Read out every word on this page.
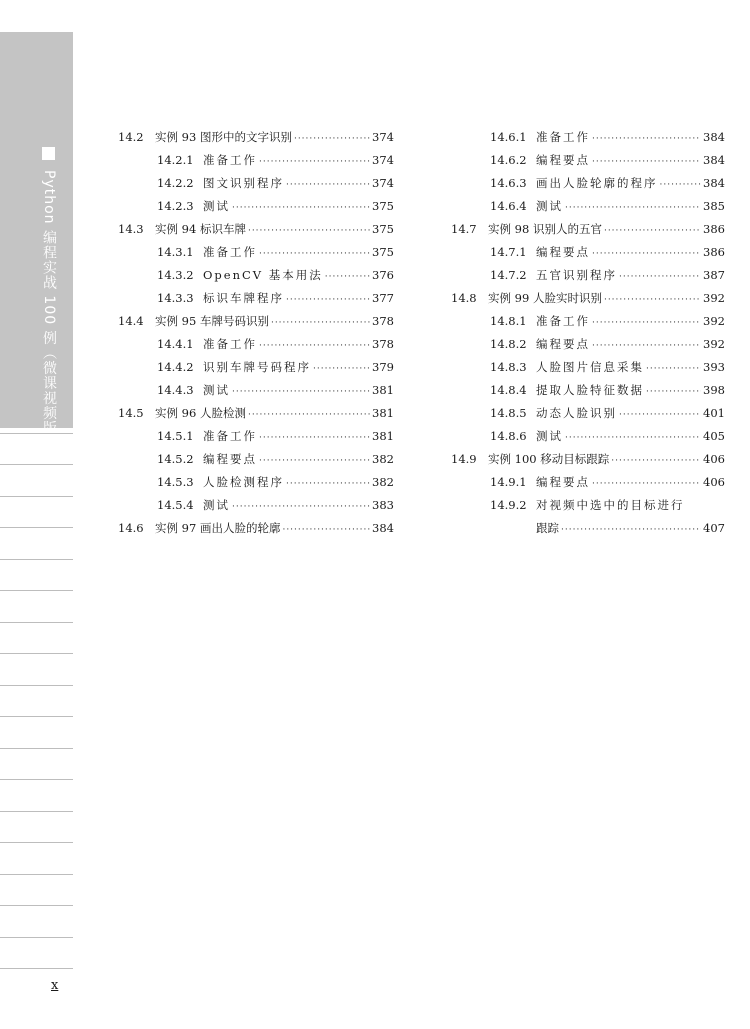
Python 编程实战 100 例（微课视频版）
14.2 实例 93 图形中的文字识别 ·····	374
14.2.1 准备工作 ·····	374
14.2.2 图文识别程序 ·····	374
14.2.3 测试 ·····	375
14.3 实例 94 标识车牌 ·····	375
14.3.1 准备工作 ·····	375
14.3.2 OpenCV 基本用法 ·····	376
14.3.3 标识车牌程序 ·····	377
14.4 实例 95 车牌号码识别 ·····	378
14.4.1 准备工作 ·····	378
14.4.2 识别车牌号码程序 ·····	379
14.4.3 测试 ·····	381
14.5 实例 96 人脸检测 ·····	381
14.5.1 准备工作 ·····	381
14.5.2 编程要点 ·····	382
14.5.3 人脸检测程序 ·····	382
14.5.4 测试 ·····	383
14.6 实例 97 画出人脸的轮廓 ·····	384
14.6.1 准备工作 ·····	384
14.6.2 编程要点 ·····	384
14.6.3 画出人脸轮廓的程序 ·····	384
14.6.4 测试 ·····	385
14.7 实例 98 识别人的五官 ·····	386
14.7.1 编程要点 ·····	386
14.7.2 五官识别程序 ·····	387
14.8 实例 99 人脸实时识别 ·····	392
14.8.1 准备工作 ·····	392
14.8.2 编程要点 ·····	392
14.8.3 人脸图片信息采集 ·····	393
14.8.4 提取人脸特征数据 ·····	398
14.8.5 动态人脸识别 ·····	401
14.8.6 测试 ·····	405
14.9 实例 100 移动目标跟踪 ·····	406
14.9.1 编程要点 ·····	406
14.9.2 对视频中选中的目标进行
跟踪 ·····	407
x
